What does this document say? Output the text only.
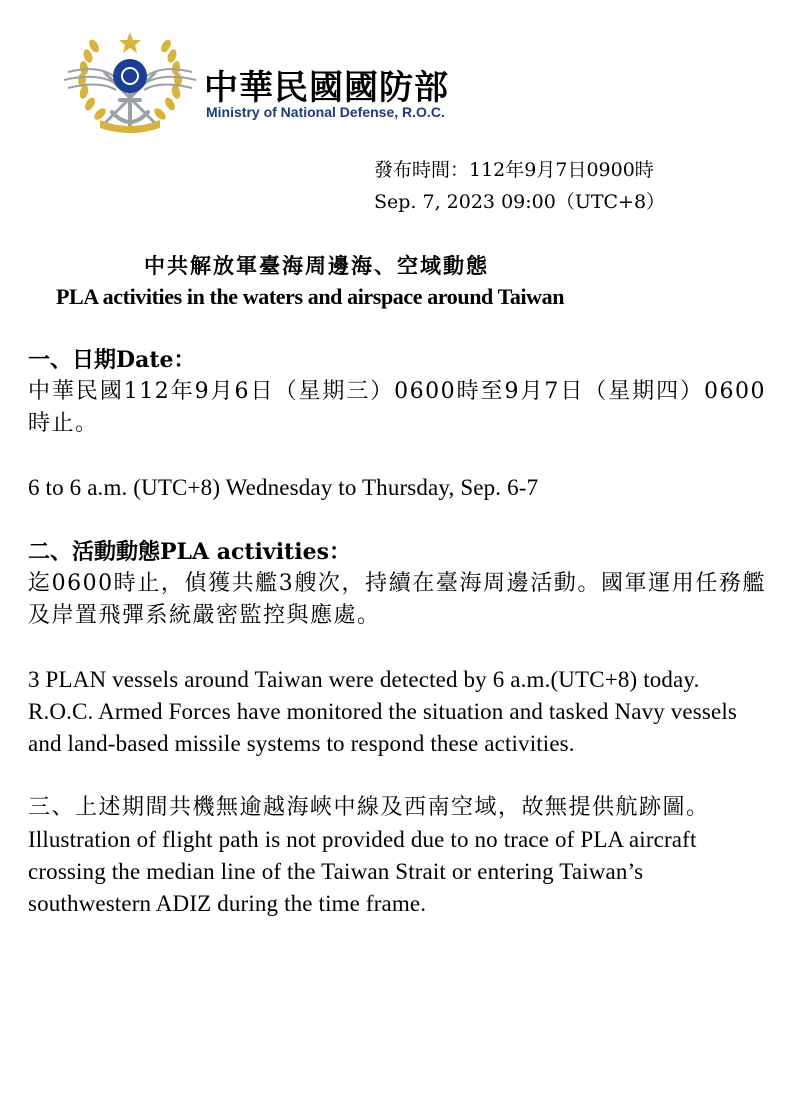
中華民國國防部
Ministry of National Defense, R.O.C.
發布時間：112年9月7日0900時
Sep. 7, 2023 09:00（UTC+8）
中共解放軍臺海周邊海、空域動態
PLA activities in the waters and airspace around Taiwan

一、日期Date：

中華民國112年9月6日（星期三）0600時至9月7日（星期四）0600時止。

6 to 6 a.m. (UTC+8) Wednesday to Thursday, Sep. 6-7

二、活動動態PLA activities：

迄0600時止，偵獲共艦3艘次，持續在臺海周邊活動。國軍運用任務艦及岸置飛彈系統嚴密監控與應處。

3 PLAN vessels around Taiwan were detected by 6 a.m.(UTC+8) today. R.O.C. Armed Forces have monitored the situation and tasked Navy vessels and land-based missile systems to respond these activities.

三、上述期間共機無逾越海峽中線及西南空域，故無提供航跡圖。

Illustration of flight path is not provided due to no trace of PLA aircraft crossing the median line of the Taiwan Strait or entering Taiwan’s southwestern ADIZ during the time frame.
